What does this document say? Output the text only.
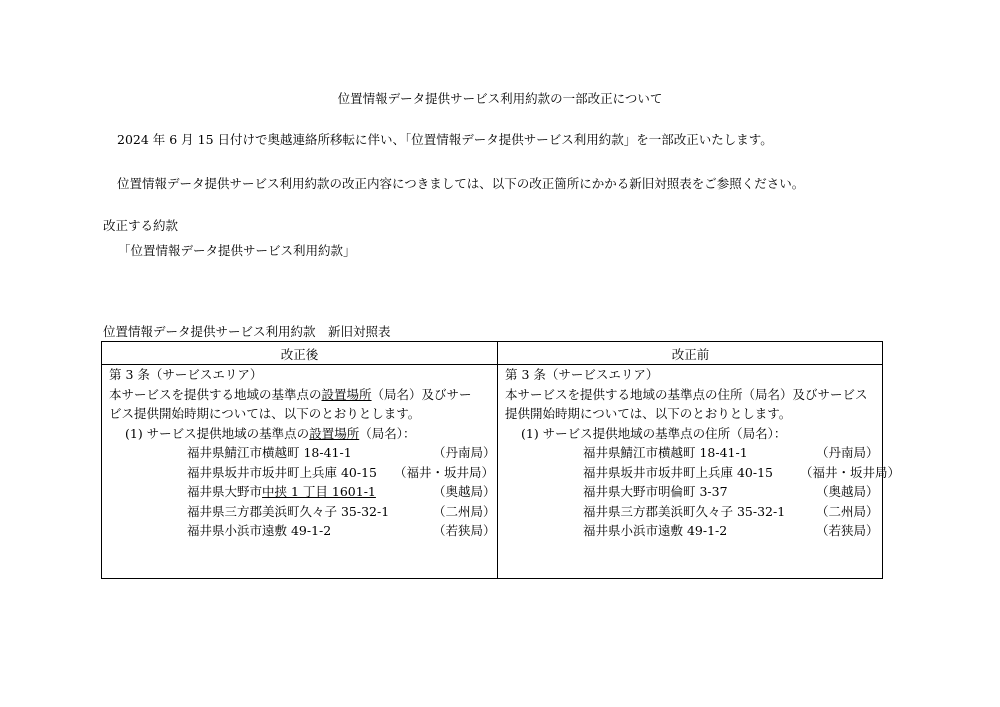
位置情報データ提供サービス利用約款の一部改正について
2024 年 6 月 15 日付けで奥越連絡所移転に伴い、「位置情報データ提供サービス利用約款」を一部改正いたします。
位置情報データ提供サービス利用約款の改正内容につきましては、以下の改正箇所にかかる新旧対照表をご参照ください。
改正する約款
「位置情報データ提供サービス利用約款」
位置情報データ提供サービス利用約款　新旧対照表
改正後	改正前
第 3 条（サービスエリア）
本サービスを提供する地域の基準点の設置場所（局名）及びサー
ビス提供開始時期については、以下のとおりとします。
(1) サービス提供地域の基準点の設置場所（局名）：
福井県鯖江市横越町 18-41-1	（丹南局）
福井県坂井市坂井町上兵庫 40-15 （福井・坂井局）
福井県大野市中挟 1 丁目 1601-1	（奥越局）
福井県三方郡美浜町久々子 35-32-1	（二州局）
福井県小浜市遠敷 49-1-2	（若狭局）
第 3 条（サービスエリア）
本サービスを提供する地域の基準点の住所（局名）及びサービス
提供開始時期については、以下のとおりとします。
(1) サービス提供地域の基準点の住所（局名）：
福井県鯖江市横越町 18-41-1	（丹南局）
福井県坂井市坂井町上兵庫 40-15 （福井・坂井局）
福井県大野市明倫町 3-37	（奥越局）
福井県三方郡美浜町久々子 35-32-1 （二州局）
福井県小浜市遠敷 49-1-2	（若狭局）
